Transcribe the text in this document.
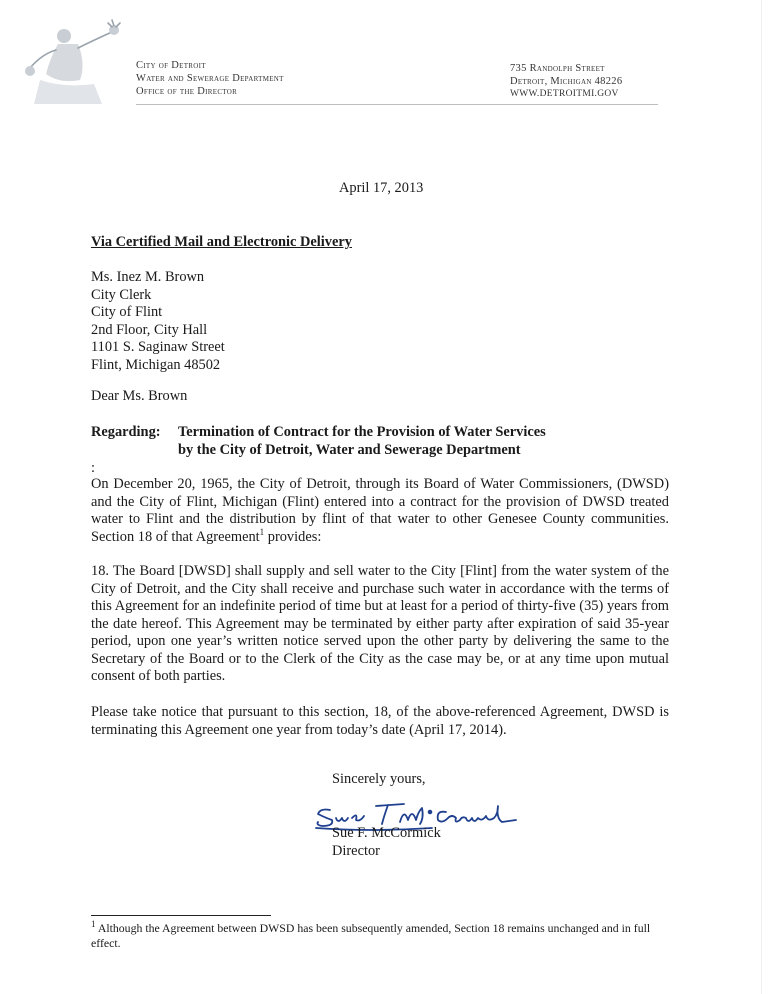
City of Detroit
Water and Sewerage Department
Office of the Director
735 Randolph Street
Detroit, Michigan 48226
WWW.DETROITMI.GOV
April 17, 2013
Via Certified Mail and Electronic Delivery
Ms. Inez M. Brown
City Clerk
City of Flint
2nd Floor, City Hall
1101 S. Saginaw Street
Flint, Michigan 48502
Dear Ms. Brown
Regarding: Termination of Contract for the Provision of Water Services
by the City of Detroit, Water and Sewerage Department
:
On December 20, 1965, the City of Detroit, through its Board of Water Commissioners, (DWSD) and the City of Flint, Michigan (Flint) entered into a contract for the provision of DWSD treated water to Flint and the distribution by flint of that water to other Genesee County communities. Section 18 of that Agreement$^1$ provides:
18. The Board [DWSD] shall supply and sell water to the City [Flint] from the water system of the City of Detroit, and the City shall receive and purchase such water in accordance with the terms of this Agreement for an indefinite period of time but at least for a period of thirty-five (35) years from the date hereof. This Agreement may be terminated by either party after expiration of said 35-year period, upon one year’s written notice served upon the other party by delivering the same to the Secretary of the Board or to the Clerk of the City as the case may be, or at any time upon mutual consent of both parties.
Please take notice that pursuant to this section, 18, of the above-referenced Agreement, DWSD is terminating this Agreement one year from today’s date (April 17, 2014).
Sincerely yours,
Sue F. McCormick
Director
$^1$ Although the Agreement between DWSD has been subsequently amended, Section 18 remains unchanged and in full effect.
